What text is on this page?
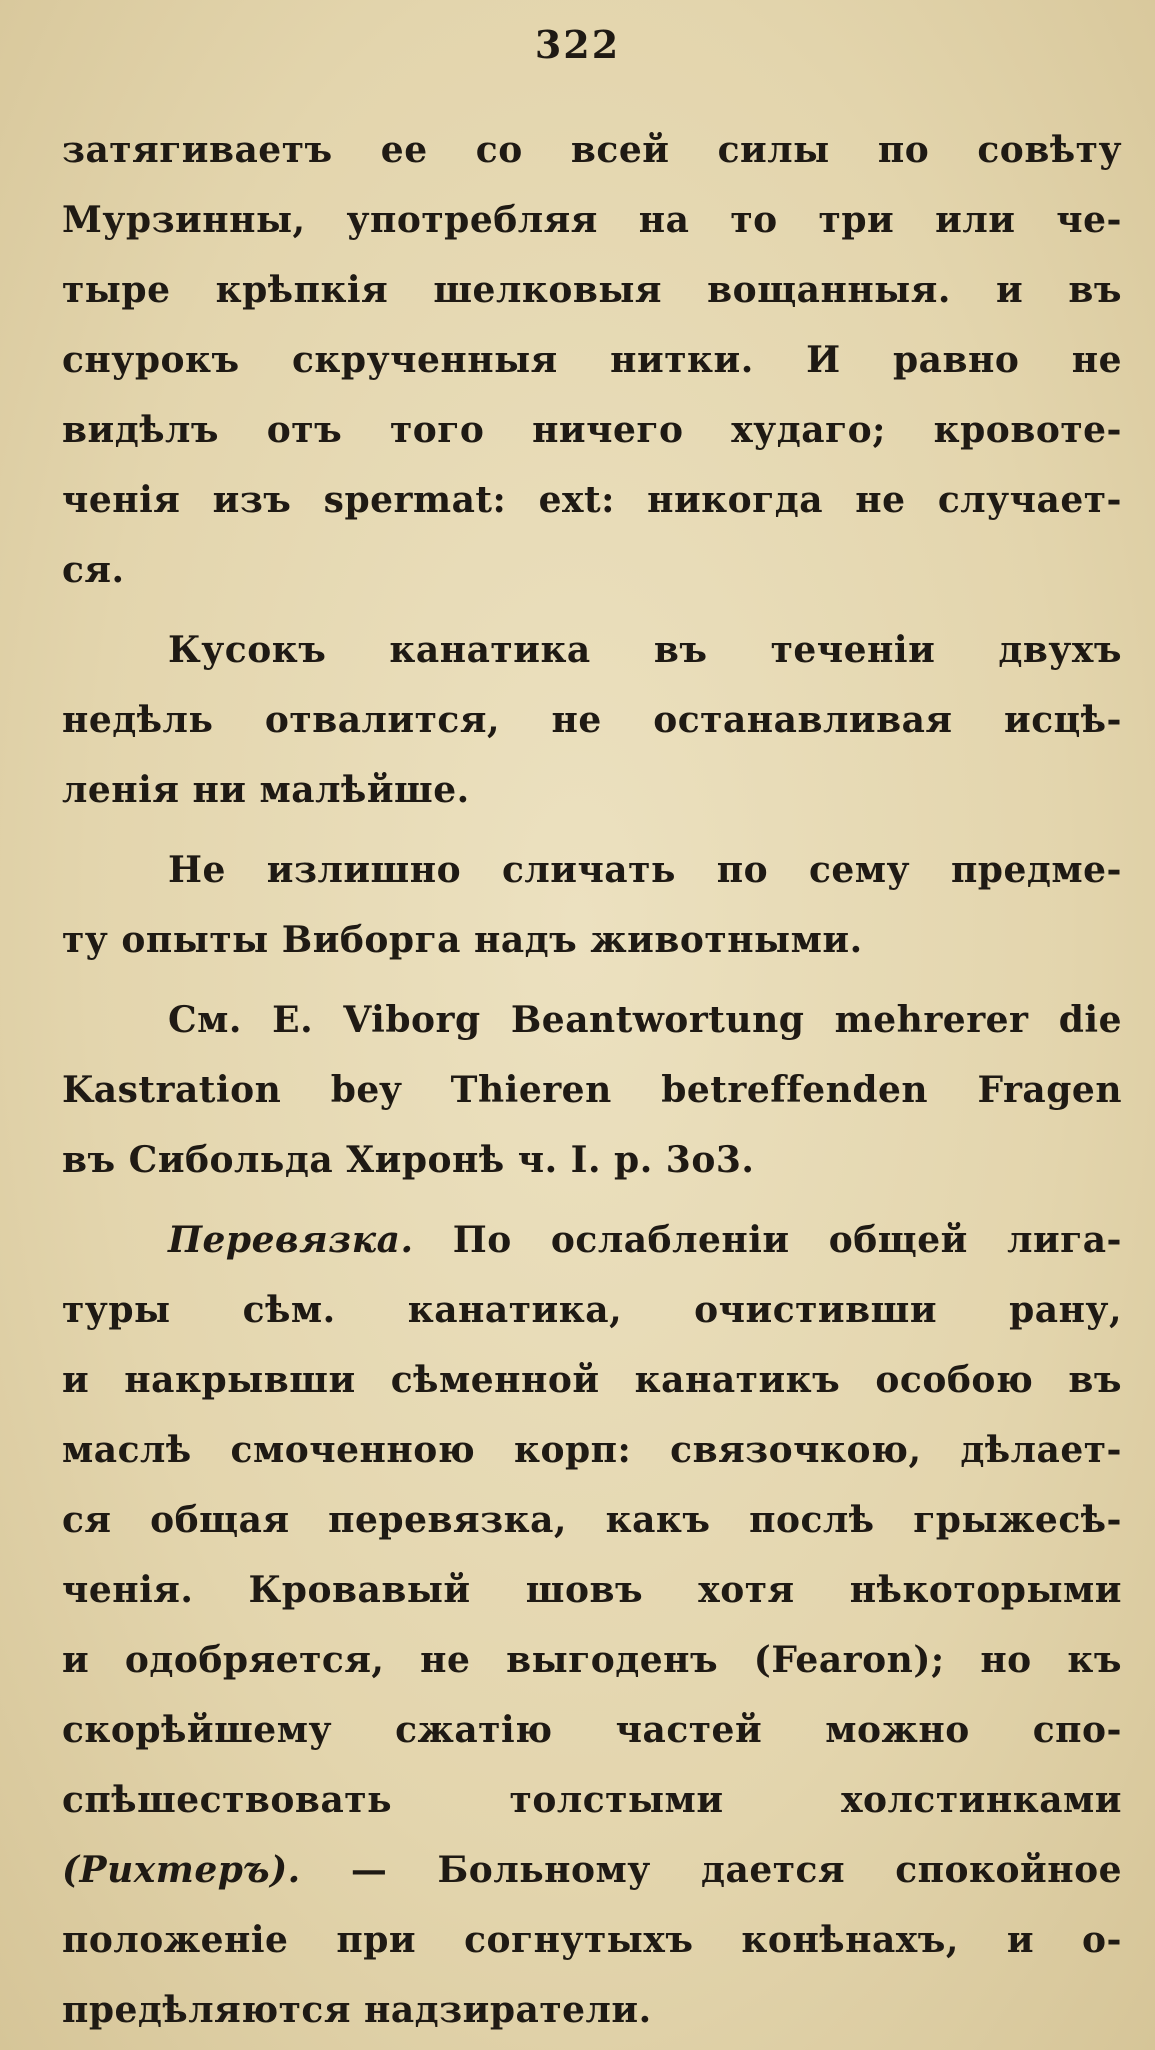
322
затягиваетъ ее со всей силы по совѣту
Мурзинны, употребляя на то три или че-
тыре крѣпкія шелковыя вощанныя. и въ
снурокъ скрученныя нитки. И равно не
видѣлъ отъ того ничего худаго; кровоте-
ченія изъ spermat: ext: никогда не случает-
ся.
Кусокъ канатика въ теченіи двухъ
недѣль отвалится, не останавливая исцѣ-
ленія ни малѣйше.
Не излишно сличать по сему предме-
ту опыты Виборга надъ животными.
См. E. Viborg Beantwortung mehrerer die
Kastration bey Thieren betreffenden Fragen
въ Сибольда Хиронѣ ч. I. p. 3o3.
Перевязка. По ослабленіи общей лига-
туры сѣм. канатика, очистивши рану,
и накрывши сѣменной канатикъ особою въ
маслѣ смоченною корп: связочкою, дѣлает-
ся общая перевязка, какъ послѣ грыжесѣ-
ченія. Кровавый шовъ хотя нѣкоторыми
и одобряется, не выгоденъ (Fearon); но къ
скорѣйшему сжатію частей можно спо-
спѣшествовать толстыми холстинками
(Рихтеръ). — Больному дается спокойное
положеніе при согнутыхъ конѣнахъ, и о-
предѣляются надзиратели.
